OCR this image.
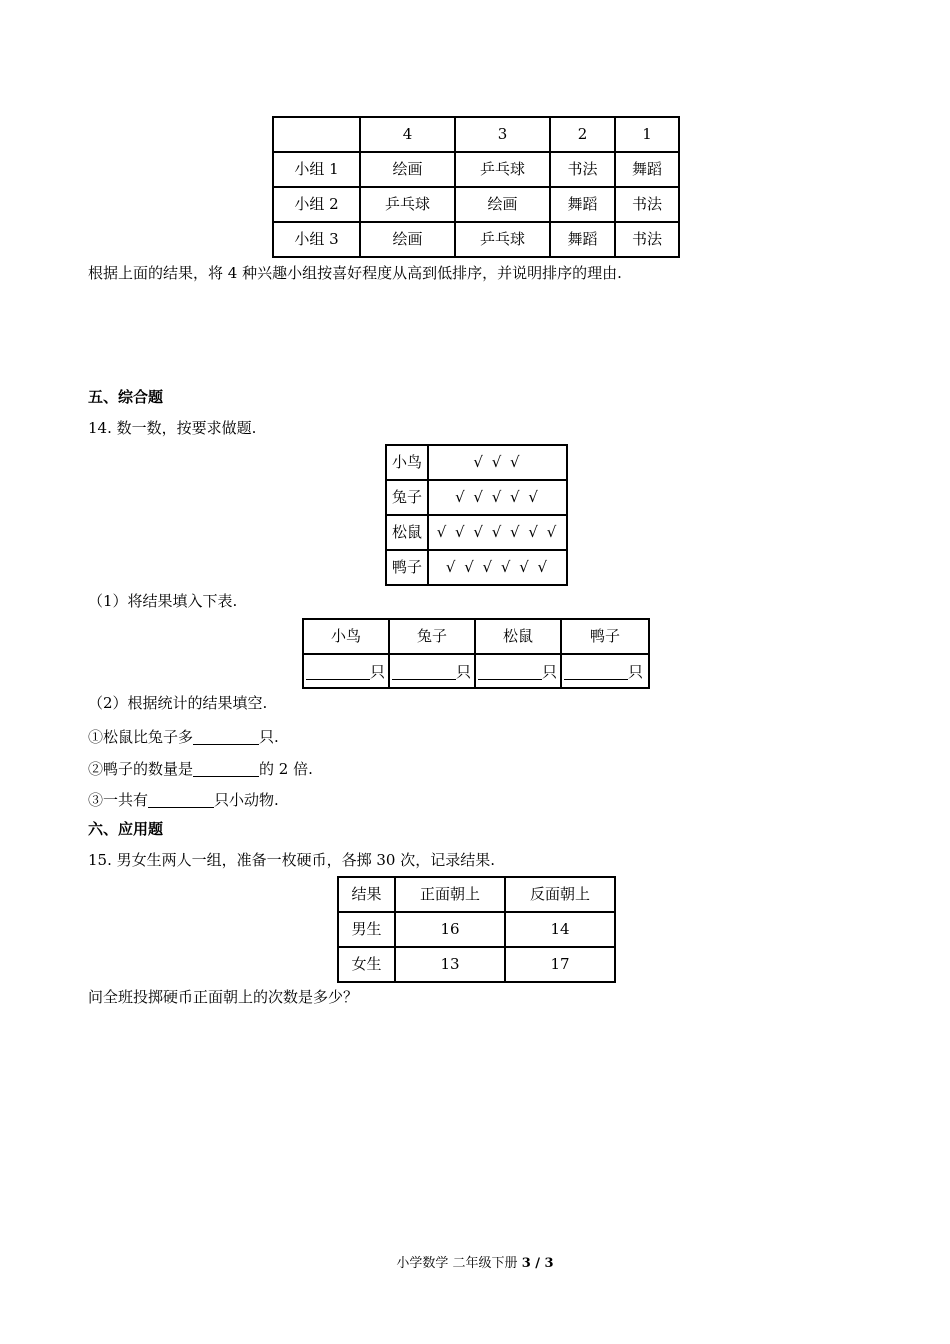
	4	3	2	1
小组 1	绘画	乒乓球	书法	舞蹈
小组 2	乒乓球	绘画	舞蹈	书法
小组 3	绘画	乒乓球	舞蹈	书法
根据上面的结果，将 4 种兴趣小组按喜好程度从高到低排序，并说明排序的理由.
五、综合题
14. 数一数，按要求做题.
小鸟	√ √ √
兔子	√ √ √ √ √
松鼠	√ √ √ √ √ √ √
鸭子	√ √ √ √ √ √
（1）将结果填入下表.
小鸟	兔子	松鼠	鸭子
只	只	只	只
（2）根据统计的结果填空.
①松鼠比兔子多	只.
②鸭子的数量是	的 2 倍.
③一共有	只小动物.
六、应用题
15. 男女生两人一组，准备一枚硬币，各掷 30 次，记录结果.
结果	正面朝上	反面朝上
男生	16	14
女生	13	17
问全班投掷硬币正面朝上的次数是多少？
小学数学 二年级下册 3 / 3
